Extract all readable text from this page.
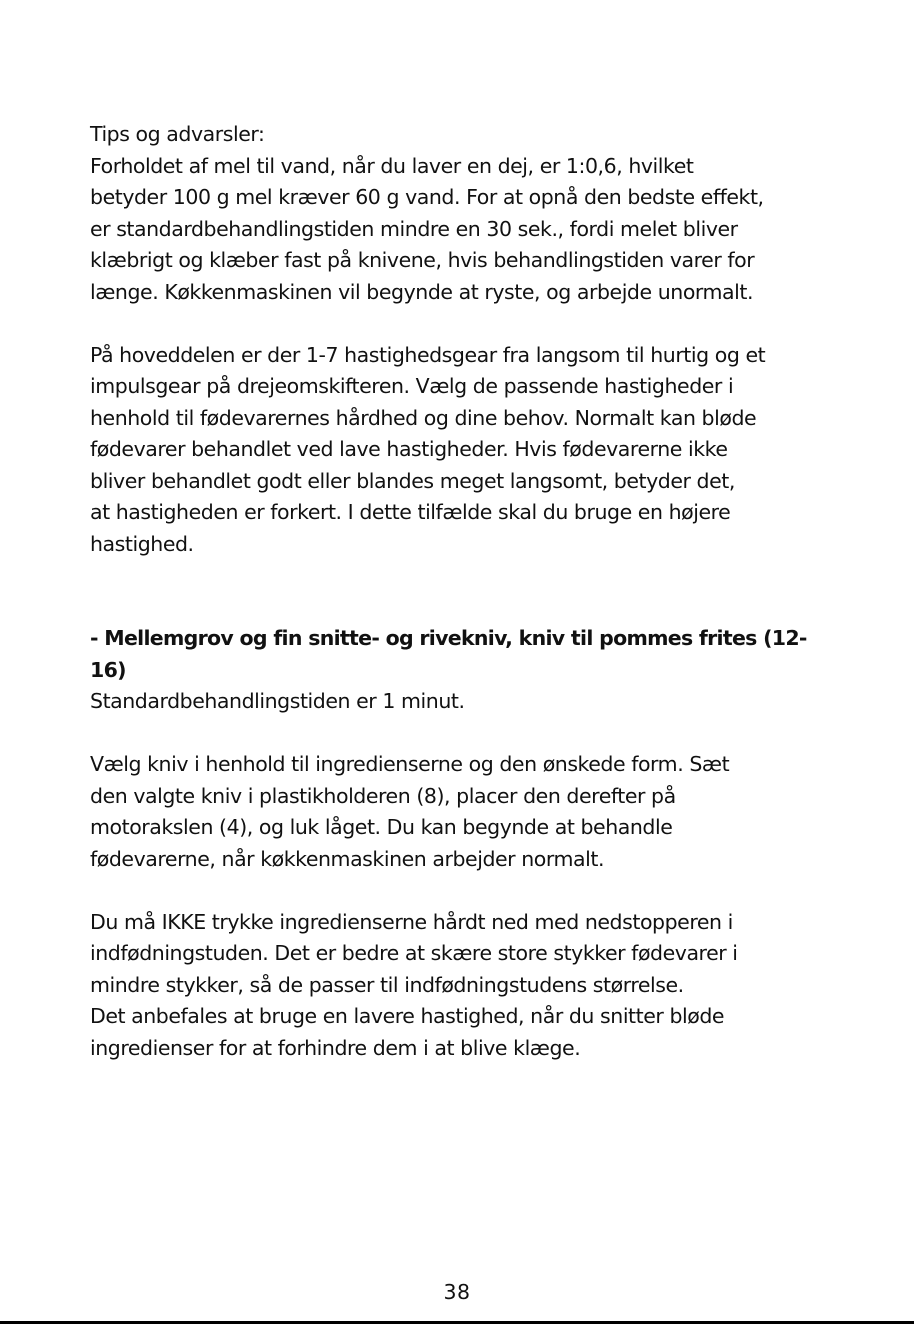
Tips og advarsler:
Forholdet af mel til vand, når du laver en dej, er 1:0,6, hvilket
betyder 100 g mel kræver 60 g vand. For at opnå den bedste effekt,
er standardbehandlingstiden mindre en 30 sek., fordi melet bliver
klæbrigt og klæber fast på knivene, hvis behandlingstiden varer for
længe. Køkkenmaskinen vil begynde at ryste, og arbejde unormalt.
På hoveddelen er der 1-7 hastighedsgear fra langsom til hurtig og et
impulsgear på drejeomskifteren. Vælg de passende hastigheder i
henhold til fødevarernes hårdhed og dine behov. Normalt kan bløde
fødevarer behandlet ved lave hastigheder. Hvis fødevarerne ikke
bliver behandlet godt eller blandes meget langsomt, betyder det,
at hastigheden er forkert. I dette tilfælde skal du bruge en højere
hastighed.
- Mellemgrov og fin snitte- og rivekniv, kniv til pommes frites (12-
16)
Standardbehandlingstiden er 1 minut.
Vælg kniv i henhold til ingredienserne og den ønskede form. Sæt
den valgte kniv i plastikholderen (8), placer den derefter på
motorakslen (4), og luk låget. Du kan begynde at behandle
fødevarerne, når køkkenmaskinen arbejder normalt.
Du må IKKE trykke ingredienserne hårdt ned med nedstopperen i
indfødningstuden. Det er bedre at skære store stykker fødevarer i
mindre stykker, så de passer til indfødningstudens størrelse.
Det anbefales at bruge en lavere hastighed, når du snitter bløde
ingredienser for at forhindre dem i at blive klæge.
38
